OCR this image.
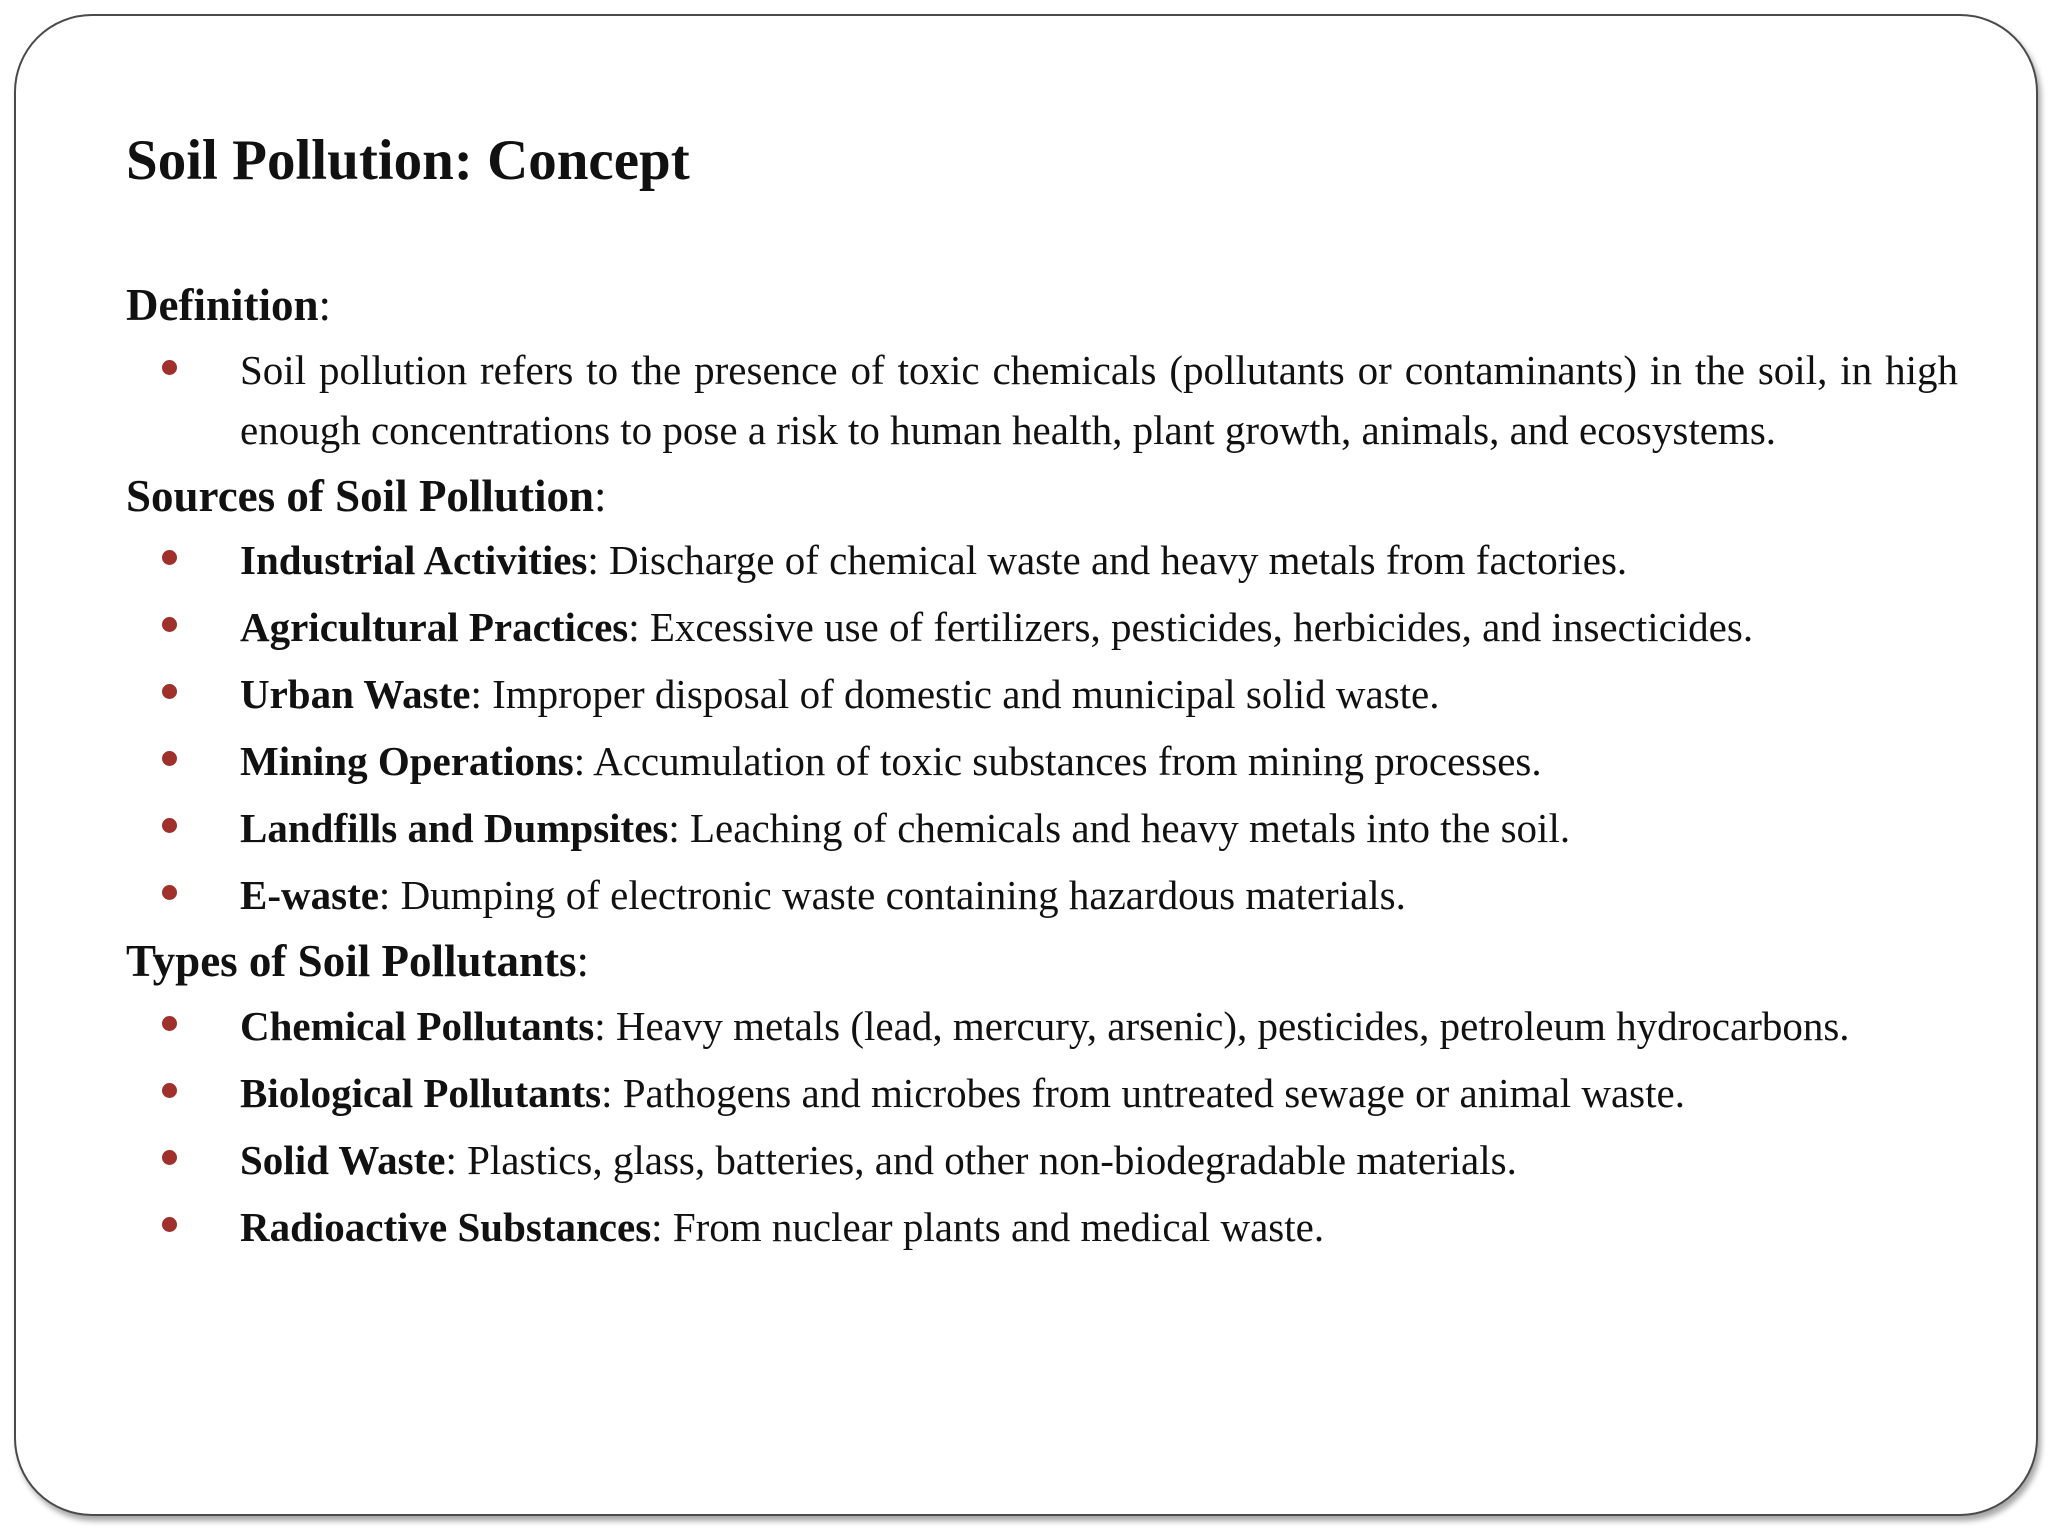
Soil Pollution: Concept
Definition:
Soil pollution refers to the presence of toxic chemicals (pollutants or contaminants) in the soil, in high enough concentrations to pose a risk to human health, plant growth, animals, and ecosystems.
Sources of Soil Pollution:
Industrial Activities: Discharge of chemical waste and heavy metals from factories.
Agricultural Practices: Excessive use of fertilizers, pesticides, herbicides, and insecticides.
Urban Waste: Improper disposal of domestic and municipal solid waste.
Mining Operations: Accumulation of toxic substances from mining processes.
Landfills and Dumpsites: Leaching of chemicals and heavy metals into the soil.
E-waste: Dumping of electronic waste containing hazardous materials.
Types of Soil Pollutants:
Chemical Pollutants: Heavy metals (lead, mercury, arsenic), pesticides, petroleum hydrocarbons.
Biological Pollutants: Pathogens and microbes from untreated sewage or animal waste.
Solid Waste: Plastics, glass, batteries, and other non-biodegradable materials.
Radioactive Substances: From nuclear plants and medical waste.
